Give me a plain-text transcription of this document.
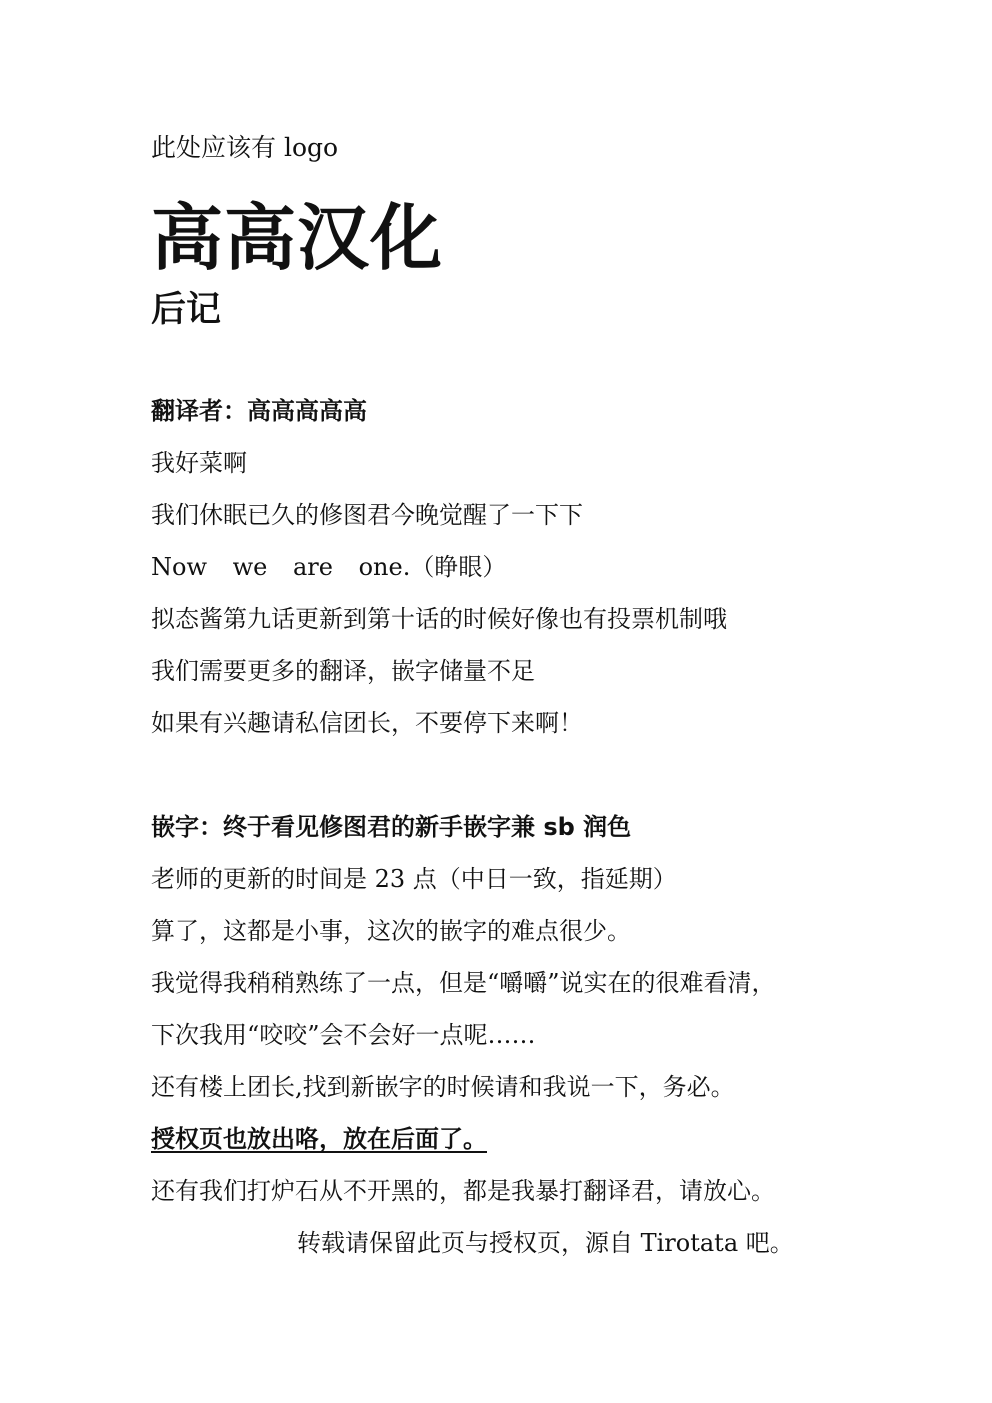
此处应该有 logo
高高汉化
后记
翻译者：高高高高高
我好菜啊
我们休眠已久的修图君今晚觉醒了一下下
Now we are one.（睁眼）
拟态酱第九话更新到第十话的时候好像也有投票机制哦
我们需要更多的翻译，嵌字储量不足
如果有兴趣请私信团长，不要停下来啊！
嵌字：终于看见修图君的新手嵌字兼 sb 润色
老师的更新的时间是 23 点（中日一致，指延期）
算了，这都是小事，这次的嵌字的难点很少。
我觉得我稍稍熟练了一点，但是“嚼嚼”说实在的很难看清，
下次我用“咬咬”会不会好一点呢……
还有楼上团长,找到新嵌字的时候请和我说一下，务必。
授权页也放出咯，放在后面了。
还有我们打炉石从不开黑的，都是我暴打翻译君，请放心。
转载请保留此页与授权页，源自 Tirotata 吧。
